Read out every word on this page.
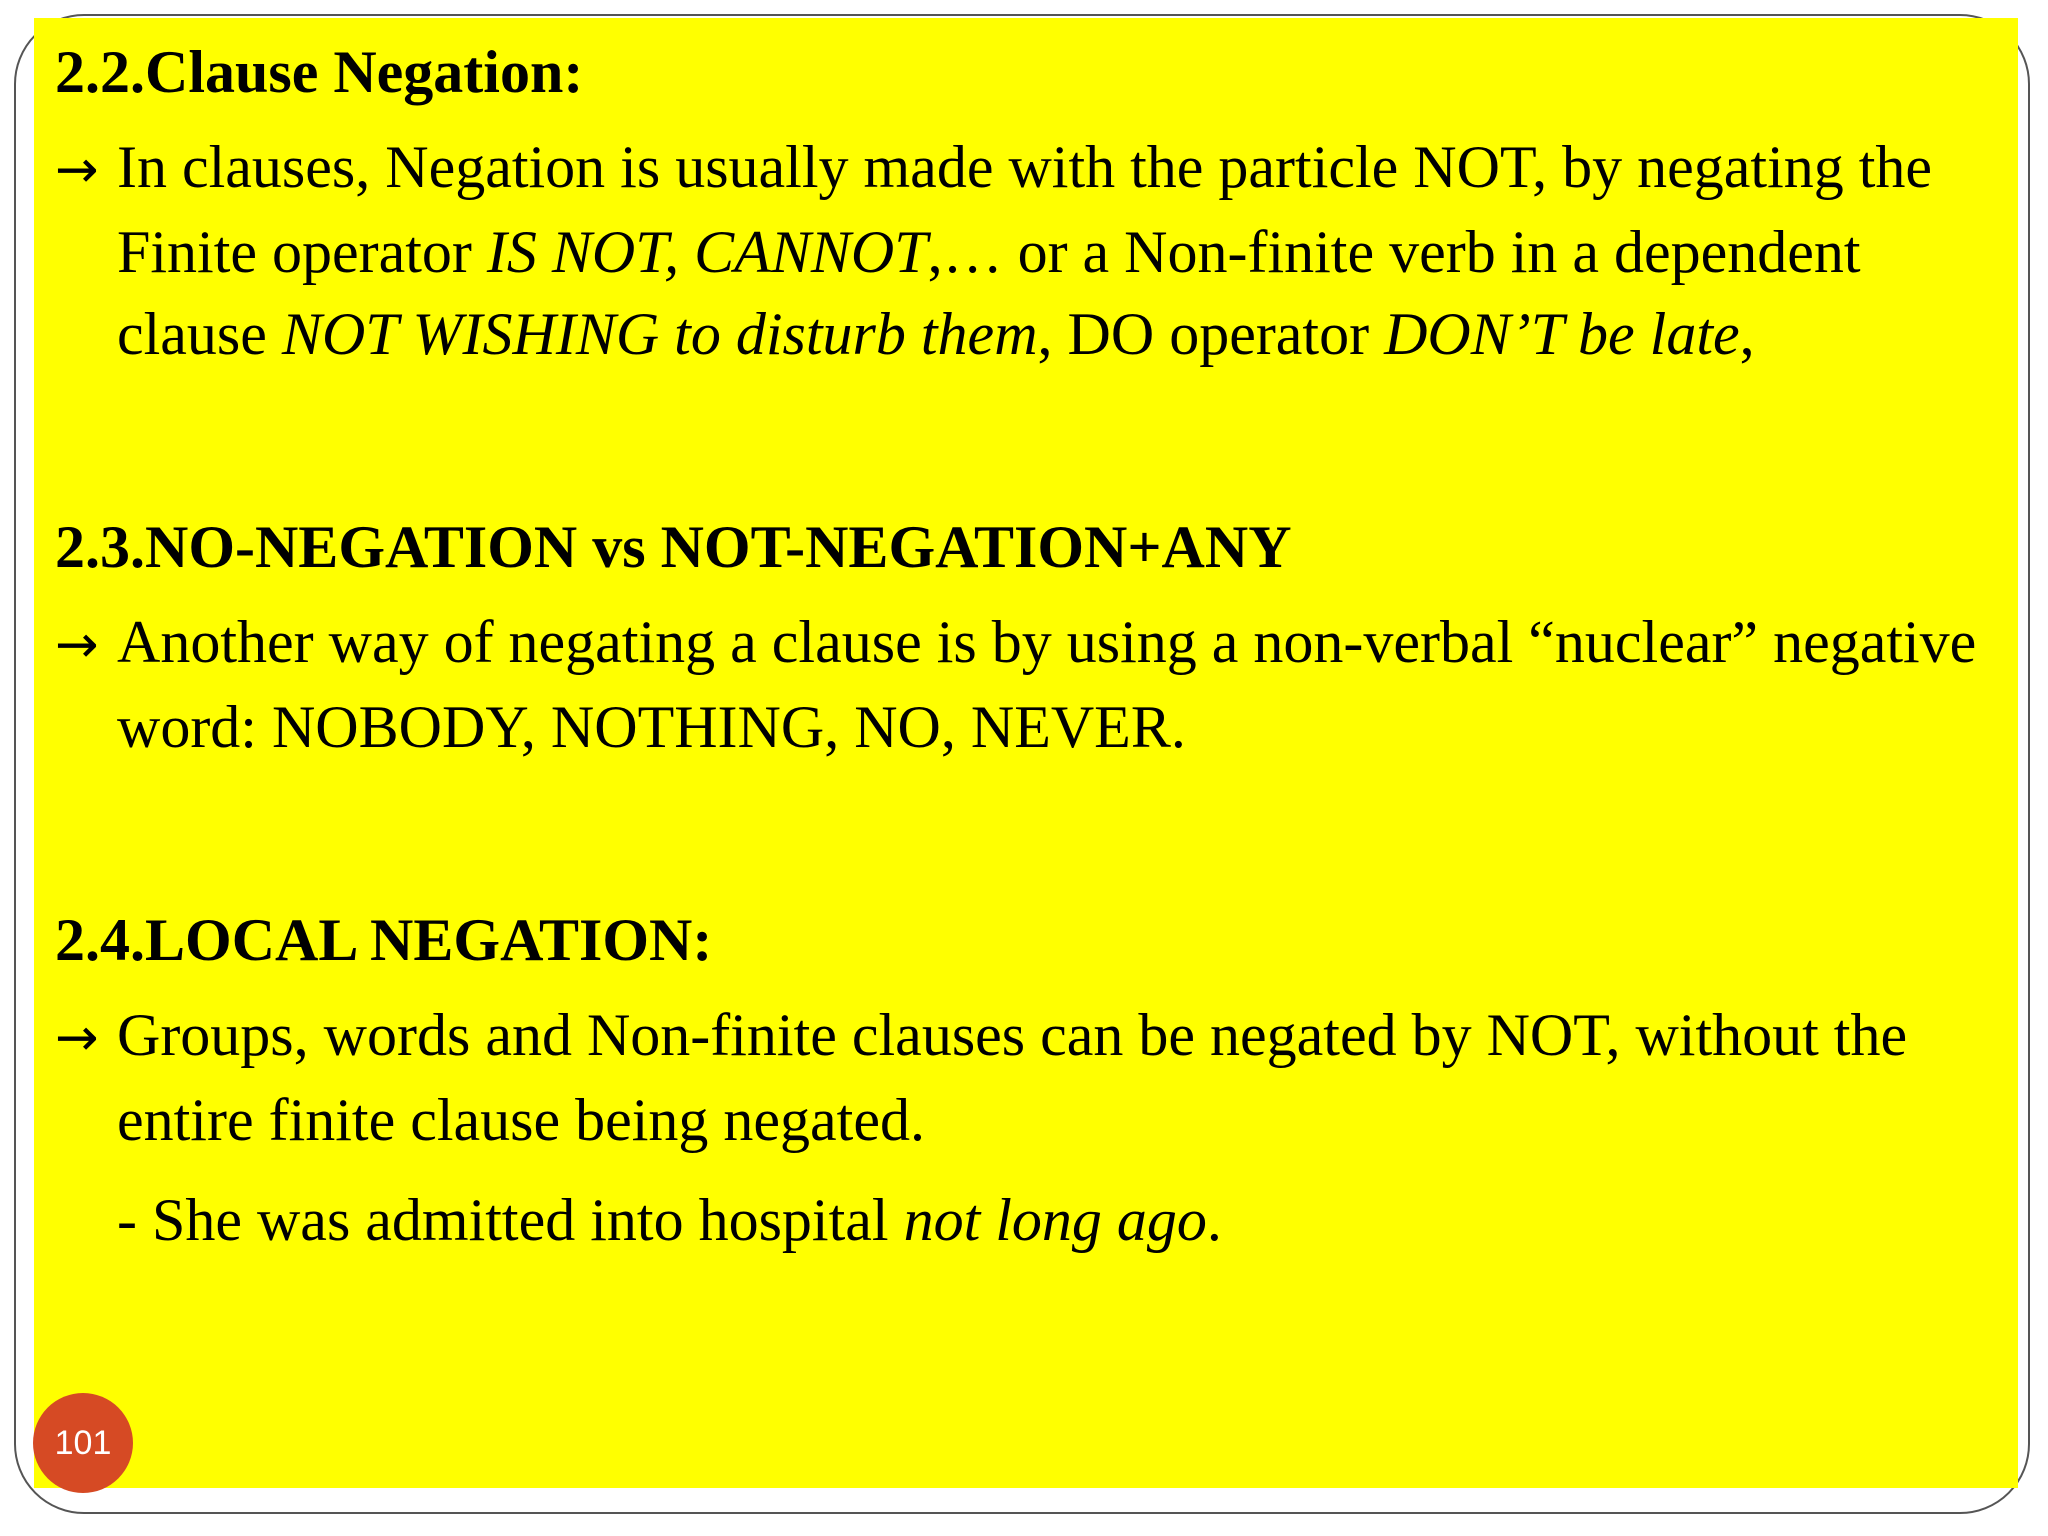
2.2.Clause Negation:

→ In clauses, Negation is usually made with the particle NOT, by negating the Finite operator IS NOT, CANNOT,… or a Non-finite verb in a dependent clause NOT WISHING to disturb them, DO operator DON’T be late,

2.3.NO-NEGATION vs NOT-NEGATION+ANY

→ Another way of negating a clause is by using a non-verbal “nuclear” negative word: NOBODY, NOTHING, NO, NEVER.

2.4.LOCAL NEGATION:

→ Groups, words and Non-finite clauses can be negated by NOT, without the entire finite clause being negated.

- She was admitted into hospital not long ago.

101
